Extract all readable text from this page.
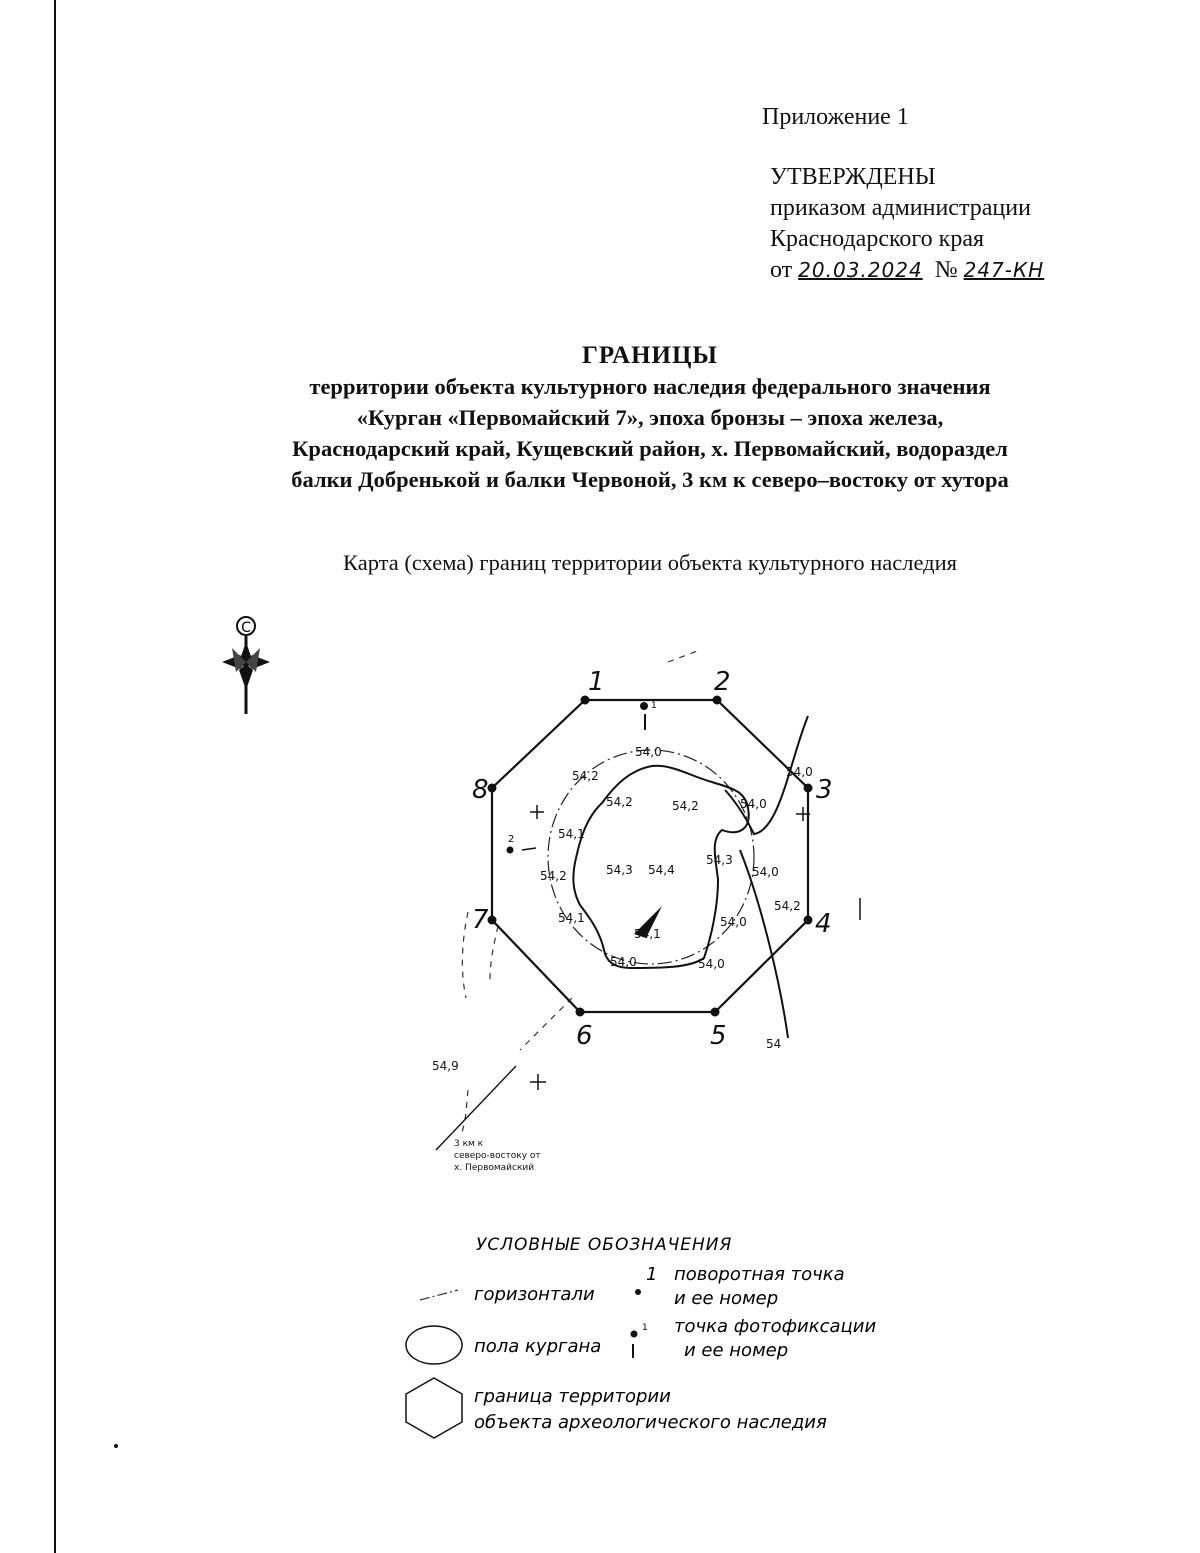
Приложение 1
УТВЕРЖДЕНЫ
приказом администрации
Краснодарского края
от 20.03.2024 № 247-КН
ГРАНИЦЫ
территории объекта культурного наследия федерального значения
«Курган «Первомайский 7», эпоха бронзы – эпоха железа,
Краснодарский край, Кущевский район, х. Первомайский, водораздел
балки Добренькой и балки Червоной, 3 км к северо–востоку от хутора
Карта (схема) границ территории объекта культурного наследия
С
1	2
3
4
5
6
7
8
1
2
54,0
54,2
54,2	54,2	54,0
54,0
54,1
54,2	54,3 54,4
54,3
54,0
54,2
54,1
54,1
54,0
54,0	54,0
54,9
54
3 км к
северо-востоку от
х. Первомайский
УСЛОВНЫЕ ОБОЗНАЧЕНИЯ
горизонтали
1 поворотная точка
и ее номер
пола кургана
1 точка фотофиксации
и ее номер
граница территории
объекта археологического наследия
